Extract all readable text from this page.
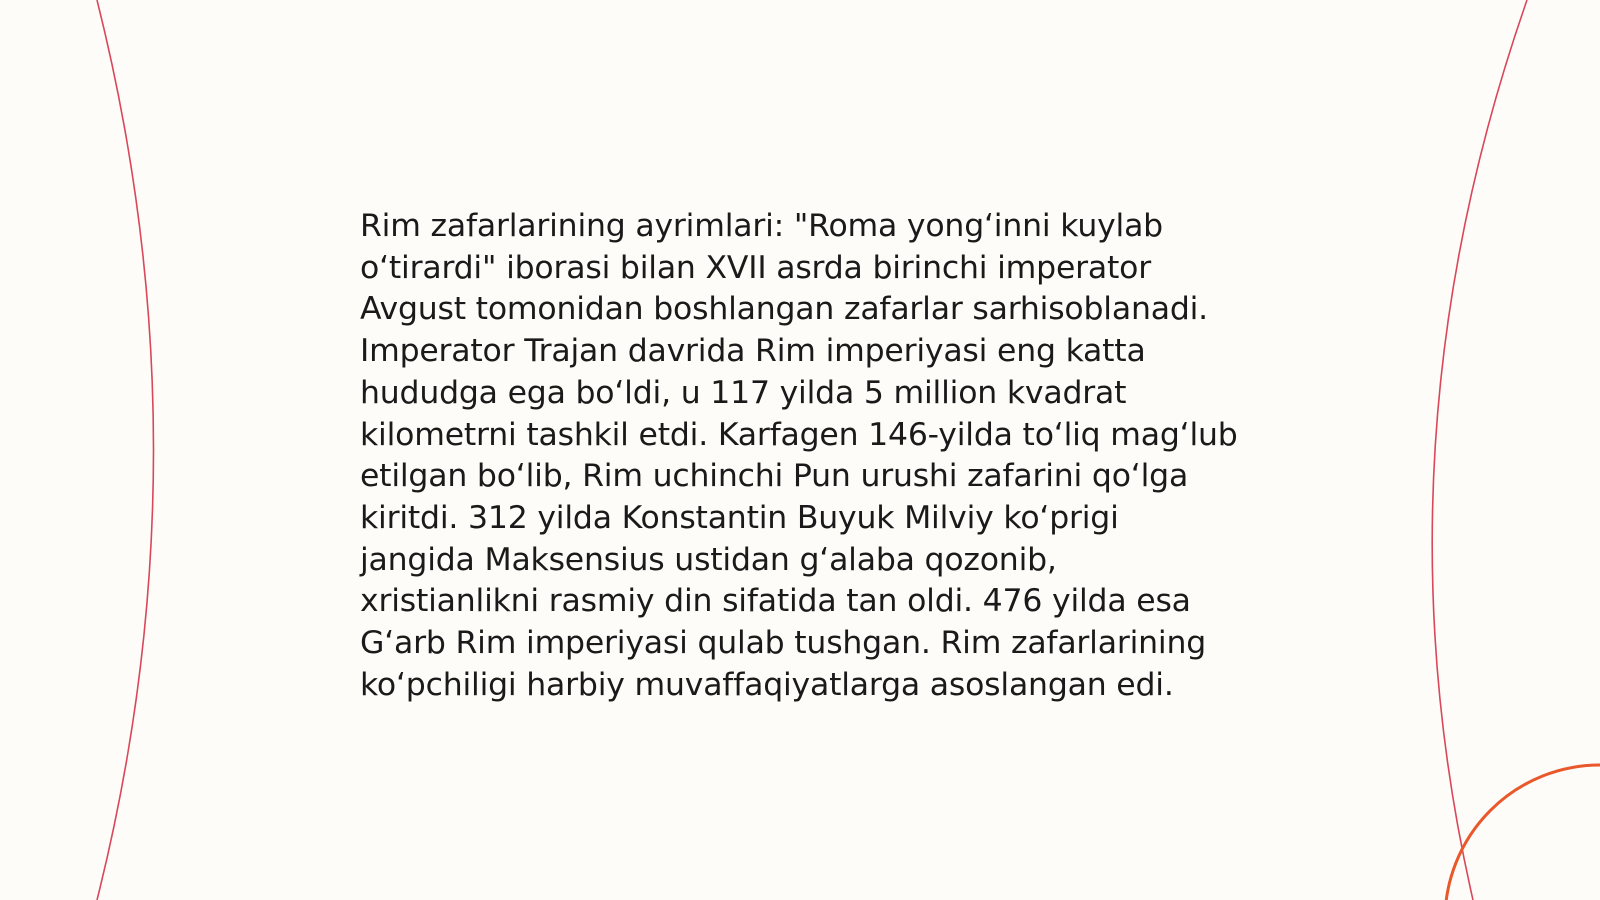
Rim zafarlarining ayrimlari: "Roma yong‘inni kuylab o‘tirardi" iborasi bilan XVII asrda birinchi imperator Avgust tomonidan boshlangan zafarlar sarhisoblanadi. Imperator Trajan davrida Rim imperiyasi eng katta hududga ega bo‘ldi, u 117 yilda 5 million kvadrat kilometrni tashkil etdi. Karfagen 146-yilda to‘liq mag‘lub etilgan bo‘lib, Rim uchinchi Pun urushi zafarini qo‘lga kiritdi. 312 yilda Konstantin Buyuk Milviy ko‘prigi jangida Maksensius ustidan g‘alaba qozonib, xristianlikni rasmiy din sifatida tan oldi. 476 yilda esa G‘arb Rim imperiyasi qulab tushgan. Rim zafarlarining ko‘pchiligi harbiy muvaffaqiyatlarga asoslangan edi.
